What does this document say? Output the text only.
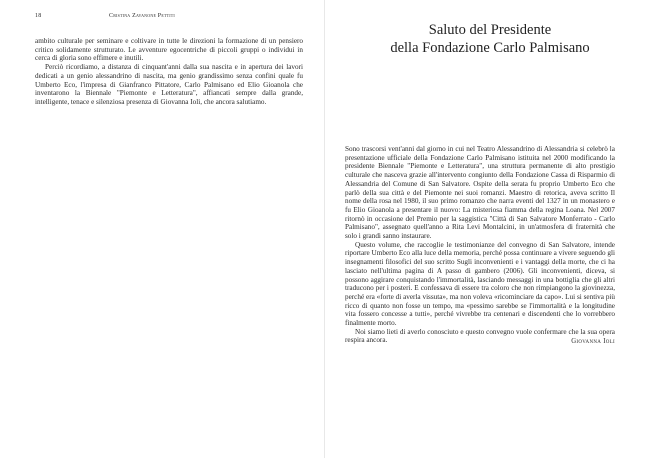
18	Cristina Zavanone Pettiti

ambito culturale per seminare e coltivare in tutte le direzioni la formazione di un pensiero critico solidamente strutturato. Le avventure egocentriche di piccoli gruppi o individui in cerca di gloria sono effimere e inutili.

Perciò ricordiamo, a distanza di cinquant'anni dalla sua nascita e in apertura dei lavori dedicati a un genio alessandrino di nascita, ma genio grandissimo senza confini quale fu Umberto Eco, l'impresa di Gianfranco Pittatore, Carlo Palmisano ed Elio Gioanola che inventarono la Biennale "Piemonte e Letteratura", affiancati sempre dalla grande, intelligente, tenace e silenziosa presenza di Giovanna Ioli, che ancora salutiamo.

Saluto del Presidente
della Fondazione Carlo Palmisano

Sono trascorsi vent'anni dal giorno in cui nel Teatro Alessandrino di Alessandria si celebrò la presentazione ufficiale della Fondazione Carlo Palmisano istituita nel 2000 modificando la presidente Biennale "Piemonte e Letteratura", una struttura permanente di alto prestigio culturale che nasceva grazie all'intervento congiunto della Fondazione Cassa di Risparmio di Alessandria del Comune di San Salvatore. Ospite della serata fu proprio Umberto Eco che parlò della sua città e del Piemonte nei suoi romanzi. Maestro di retorica, aveva scritto Il nome della rosa nel 1980, il suo primo romanzo che narra eventi del 1327 in un monastero e fu Elio Gioanola a presentare il nuovo: La misteriosa fiamma della regina Loana. Nel 2007 ritornò in occasione del Premio per la saggistica "Città di San Salvatore Monferrato - Carlo Palmisano", assegnato quell'anno a Rita Levi Montalcini, in un'atmosfera di fraternità che solo i grandi sanno instaurare.

Questo volume, che raccoglie le testimonianze del convegno di San Salvatore, intende riportare Umberto Eco alla luce della memoria, perché possa continuare a vivere seguendo gli insegnamenti filosofici del suo scritto Sugli inconvenienti e i vantaggi della morte, che ci ha lasciato nell'ultima pagina di A passo di gambero (2006). Gli inconvenienti, diceva, si possono aggirare conquistando l'immortalità, lasciando messaggi in una bottiglia che gli altri traducono per i posteri. E confessava di essere tra coloro che non rimpiangono la giovinezza, perché era «forte di averla vissuta», ma non voleva «ricominciare da capo». Lui si sentiva più ricco di quanto non fosse un tempo, ma «pessimo sarebbe se l'immortalità e la longitudine vita fossero concesse a tutti», perché vivrebbe tra centenari e discendenti che lo vorrebbero finalmente morto.

Noi siamo lieti di averlo conosciuto e questo convegno vuole confermare che la sua opera respira ancora.	Giovanna Ioli
